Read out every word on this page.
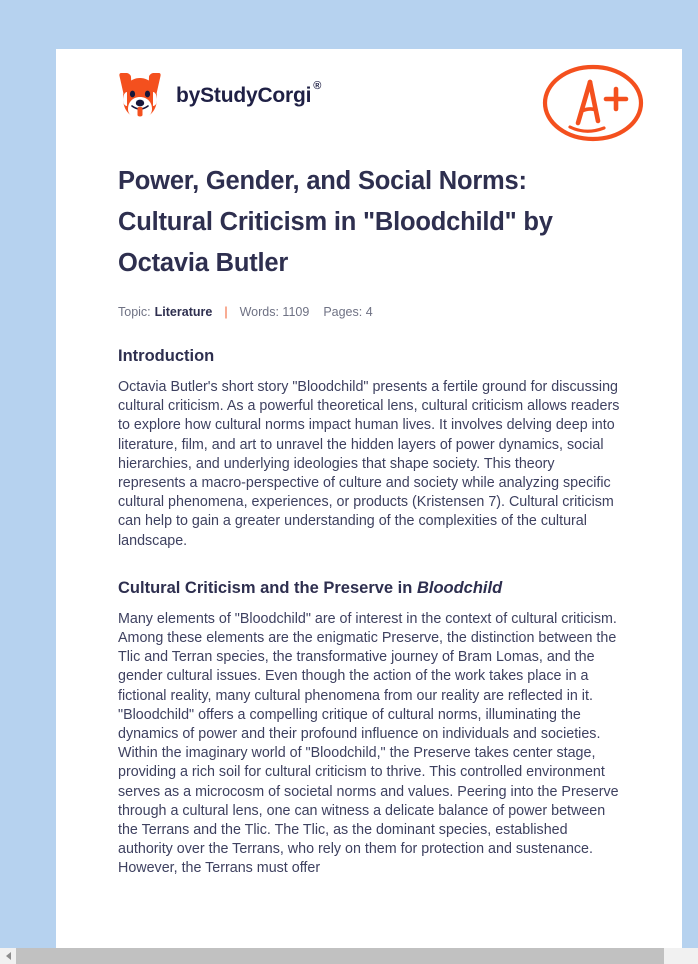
by StudyCorgi ®
Power, Gender, and Social Norms: Cultural Criticism in "Bloodchild" by Octavia Butler
Topic: Literature | Words: 1109 Pages: 4
Introduction

Octavia Butler's short story "Bloodchild" presents a fertile ground for discussing cultural criticism. As a powerful theoretical lens, cultural criticism allows readers to explore how cultural norms impact human lives. It involves delving deep into literature, film, and art to unravel the hidden layers of power dynamics, social hierarchies, and underlying ideologies that shape society. This theory represents a macro-perspective of culture and society while analyzing specific cultural phenomena, experiences, or products (Kristensen 7). Cultural criticism can help to gain a greater understanding of the complexities of the cultural landscape.

Cultural Criticism and the Preserve in Bloodchild

Many elements of "Bloodchild" are of interest in the context of cultural criticism. Among these elements are the enigmatic Preserve, the distinction between the Tlic and Terran species, the transformative journey of Bram Lomas, and the gender cultural issues. Even though the action of the work takes place in a fictional reality, many cultural phenomena from our reality are reflected in it. "Bloodchild" offers a compelling critique of cultural norms, illuminating the dynamics of power and their profound influence on individuals and societies. Within the imaginary world of "Bloodchild," the Preserve takes center stage, providing a rich soil for cultural criticism to thrive. This controlled environment serves as a microcosm of societal norms and values. Peering into the Preserve through a cultural lens, one can witness a delicate balance of power between the Terrans and the Tlic. The Tlic, as the dominant species, established authority over the Terrans, who rely on them for protection and sustenance. However, the Terrans must offer
